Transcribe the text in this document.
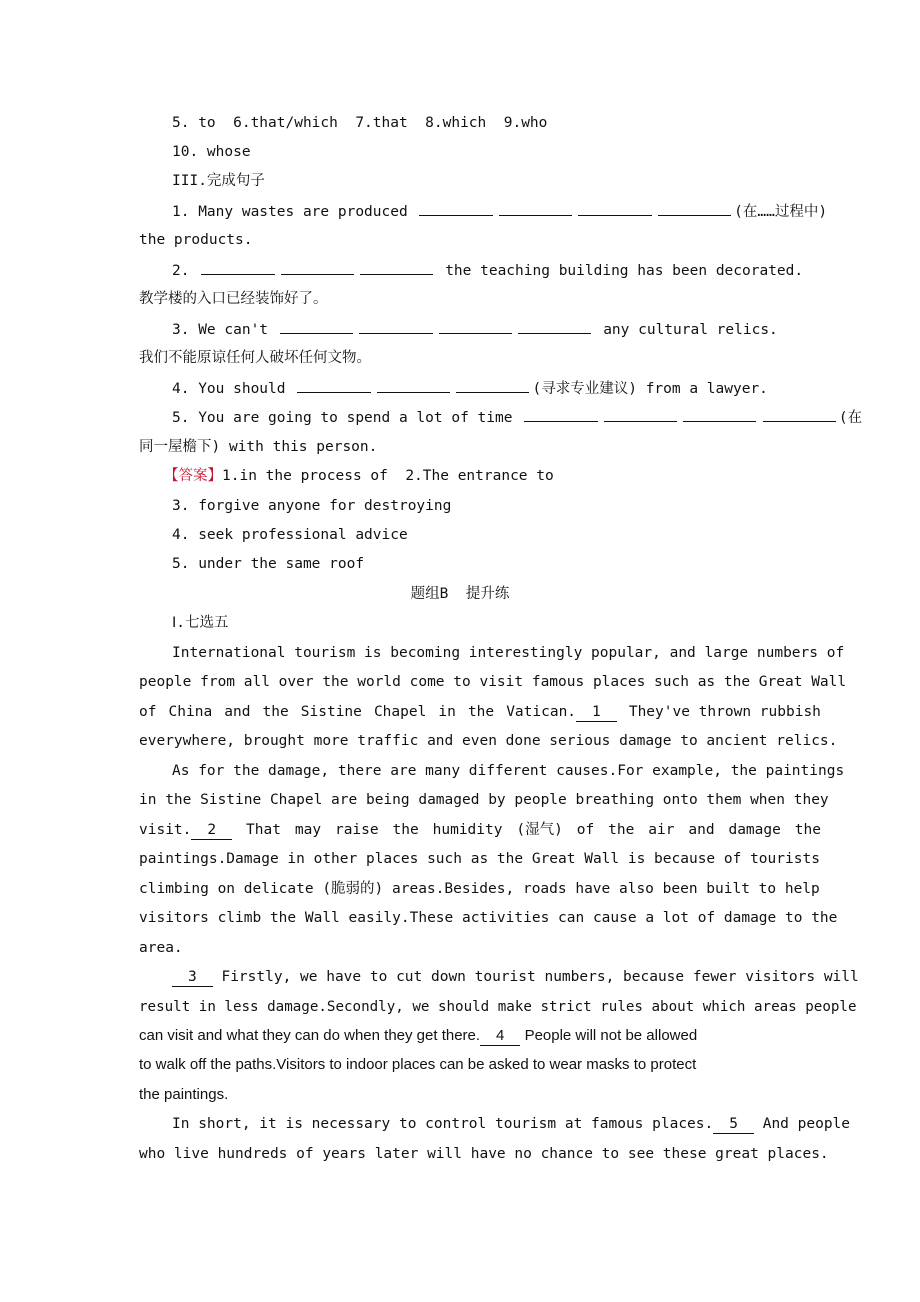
5. to  6.that/which  7.that  8.which  9.who
10. whose
III.完成句子
1. Many wastes are produced	(在……过程中)
the products.
2.	the teaching building has been decorated.
教学楼的入口已经装饰好了。
3. We can't	any cultural relics.
我们不能原谅任何人破坏任何文物。
4. You should	(寻求专业建议) from a lawyer.
5. You are going to spend a lot of time	(在
同一屋檐下) with this person.
【答案】1.in the process of  2.The entrance to
3. forgive anyone for destroying
4. seek professional advice
5. under the same roof
题组B  提升练
Ⅰ.七选五
International tourism is becoming interestingly popular, and large numbers of
people from all over the world come to visit famous places such as the Great Wall
of China and the Sistine Chapel in the Vatican. 1	They've thrown rubbish
everywhere, brought more traffic and even done serious damage to ancient relics.
As for the damage, there are many different causes.For example, the paintings
in the Sistine Chapel are being damaged by people breathing onto them when they
visit. 2	That may raise the humidity (湿气) of the air and damage the
paintings.Damage in other places such as the Great Wall is because of tourists
climbing on delicate (脆弱的) areas.Besides, roads have also been built to help
visitors climb the Wall easily.These activities can cause a lot of damage to the
area.
3 Firstly, we have to cut down tourist numbers, because fewer visitors will
result in less damage.Secondly, we should make strict rules about which areas people
can visit and what they can do when they get there. 4 People will not be allowed
to walk off the paths.Visitors to indoor places can be asked to wear masks to protect
the paintings.
In short, it is necessary to control tourism at famous places. 5 And people
who live hundreds of years later will have no chance to see these great places.
